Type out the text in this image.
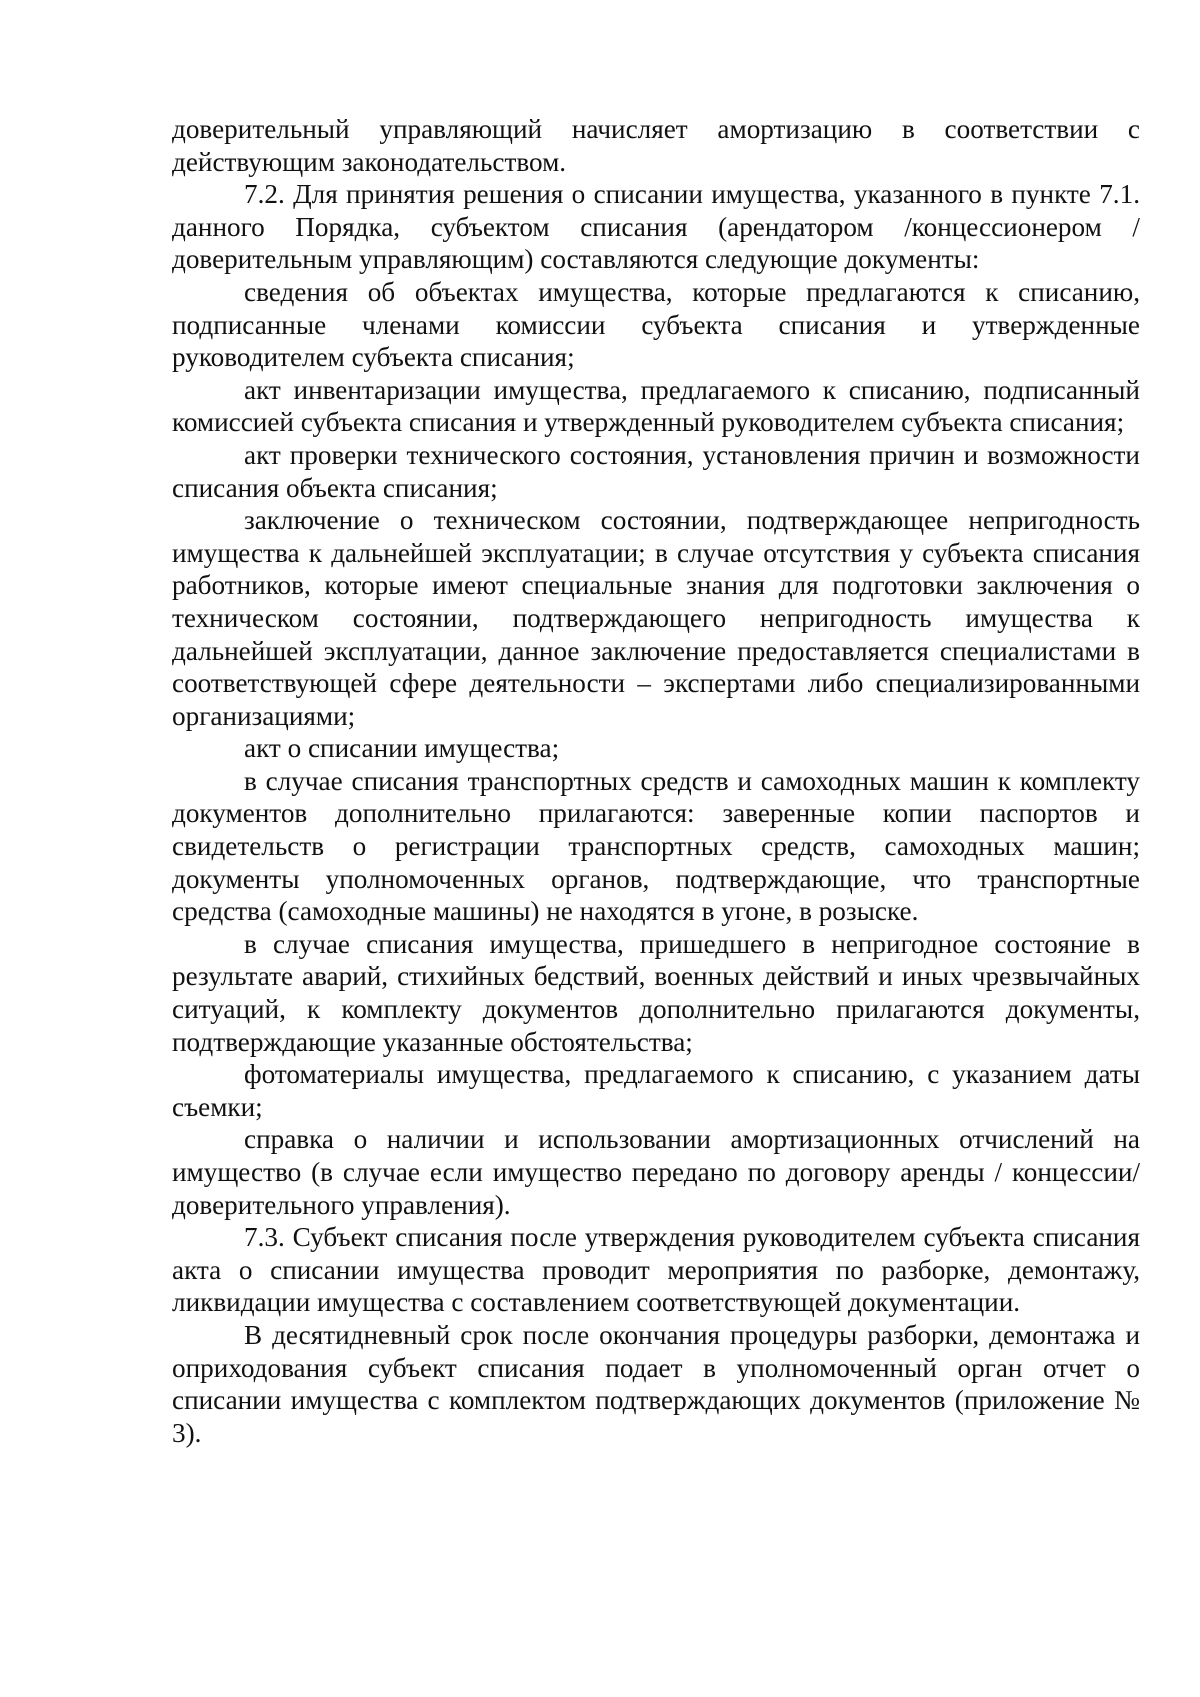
доверительный управляющий начисляет амортизацию в соответствии с действующим законодательством.

7.2. Для принятия решения о списании имущества, указанного в пункте 7.1. данного Порядка, субъектом списания (арендатором /концессионером / доверительным управляющим) составляются следующие документы:

сведения об объектах имущества, которые предлагаются к списанию, подписанные членами комиссии субъекта списания и утвержденные руководителем субъекта списания;

акт инвентаризации имущества, предлагаемого к списанию, подписанный комиссией субъекта списания и утвержденный руководителем субъекта списания;

акт проверки технического состояния, установления причин и возможности списания объекта списания;

заключение о техническом состоянии, подтверждающее непригодность имущества к дальнейшей эксплуатации; в случае отсутствия у субъекта списания работников, которые имеют специальные знания для подготовки заключения о техническом состоянии, подтверждающего непригодность имущества к дальнейшей эксплуатации, данное заключение предоставляется специалистами в соответствующей сфере деятельности – экспертами либо специализированными организациями;

акт о списании имущества;

в случае списания транспортных средств и самоходных машин к комплекту документов дополнительно прилагаются: заверенные копии паспортов и свидетельств о регистрации транспортных средств, самоходных машин; документы уполномоченных органов, подтверждающие, что транспортные средства (самоходные машины) не находятся в угоне, в розыске.

в случае списания имущества, пришедшего в непригодное состояние в результате аварий, стихийных бедствий, военных действий и иных чрезвычайных ситуаций, к комплекту документов дополнительно прилагаются документы, подтверждающие указанные обстоятельства;

фотоматериалы имущества, предлагаемого к списанию, с указанием даты съемки;

справка о наличии и использовании амортизационных отчислений на имущество (в случае если имущество передано по договору аренды / концессии/ доверительного управления).

7.3. Субъект списания после утверждения руководителем субъекта списания акта о списании имущества проводит мероприятия по разборке, демонтажу, ликвидации имущества с составлением соответствующей документации.

В десятидневный срок после окончания процедуры разборки, демонтажа и оприходования субъект списания подает в уполномоченный орган отчет о списании имущества с комплектом подтверждающих документов (приложение № 3).
